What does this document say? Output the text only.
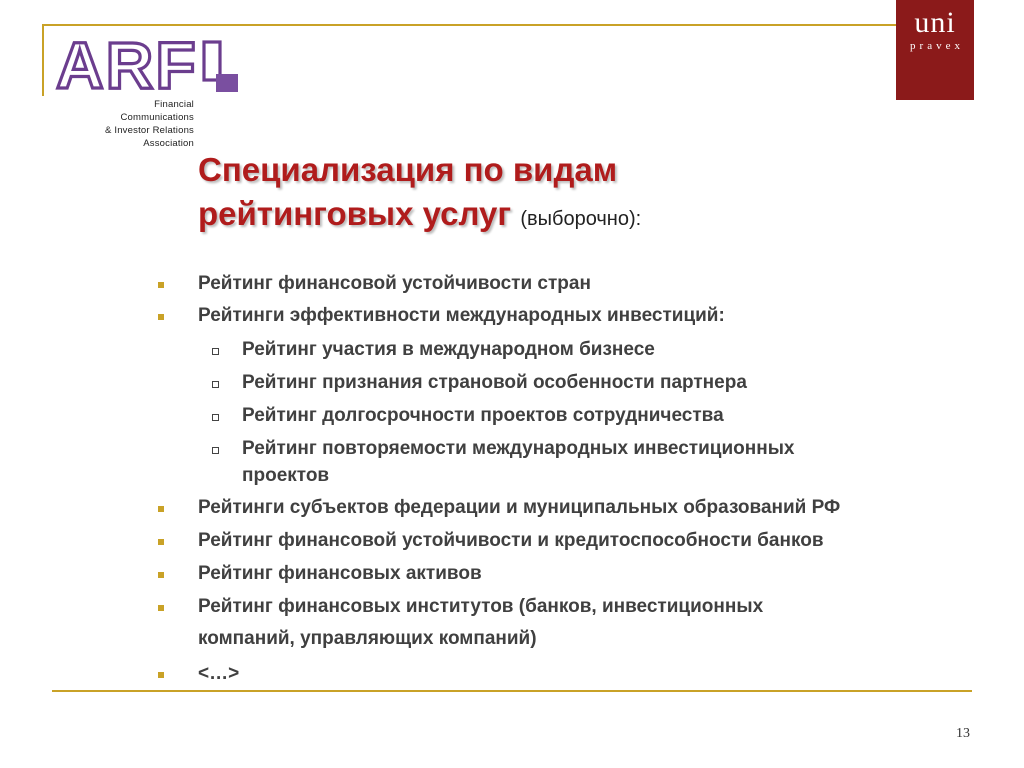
ARF
Financial
Communications
& Investor Relations
Association
uni
pravex
Специализация по видам
рейтинговых услуг (выборочно):
Рейтинг финансовой устойчивости стран
Рейтинги эффективности международных инвестиций:
Рейтинг участия в международном бизнесе
Рейтинг признания страновой особенности партнера
Рейтинг долгосрочности проектов сотрудничества
Рейтинг повторяемости международных инвестиционных
проектов
Рейтинги субъектов федерации и муниципальных образований РФ
Рейтинг финансовой устойчивости и кредитоспособности банков
Рейтинг финансовых активов
Рейтинг финансовых институтов (банков, инвестиционных
компаний, управляющих компаний)
<…>
13
